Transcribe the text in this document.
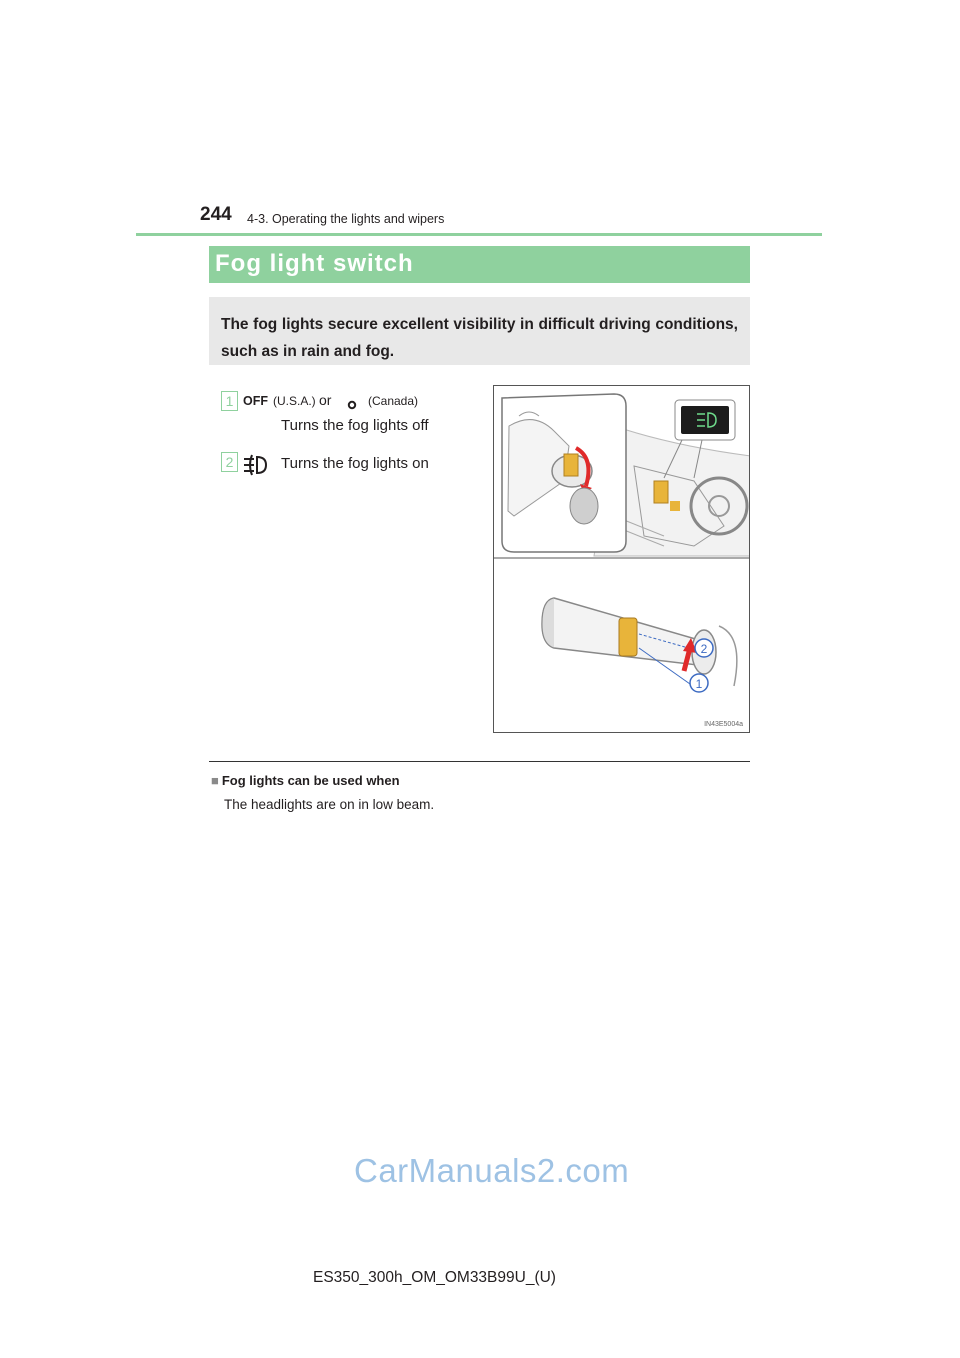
244 4-3. Operating the lights and wipers
Fog light switch
The fog lights secure excellent visibility in difficult driving conditions, such as in rain and fog.
1 OFF (U.S.A.) or	(Canada)
Turns the fog lights off
2	Turns the fog lights on
2
1
IN43E5004a
■ Fog lights can be used when
The headlights are on in low beam.
CarManuals2.com
ES350_300h_OM_OM33B99U_(U)
